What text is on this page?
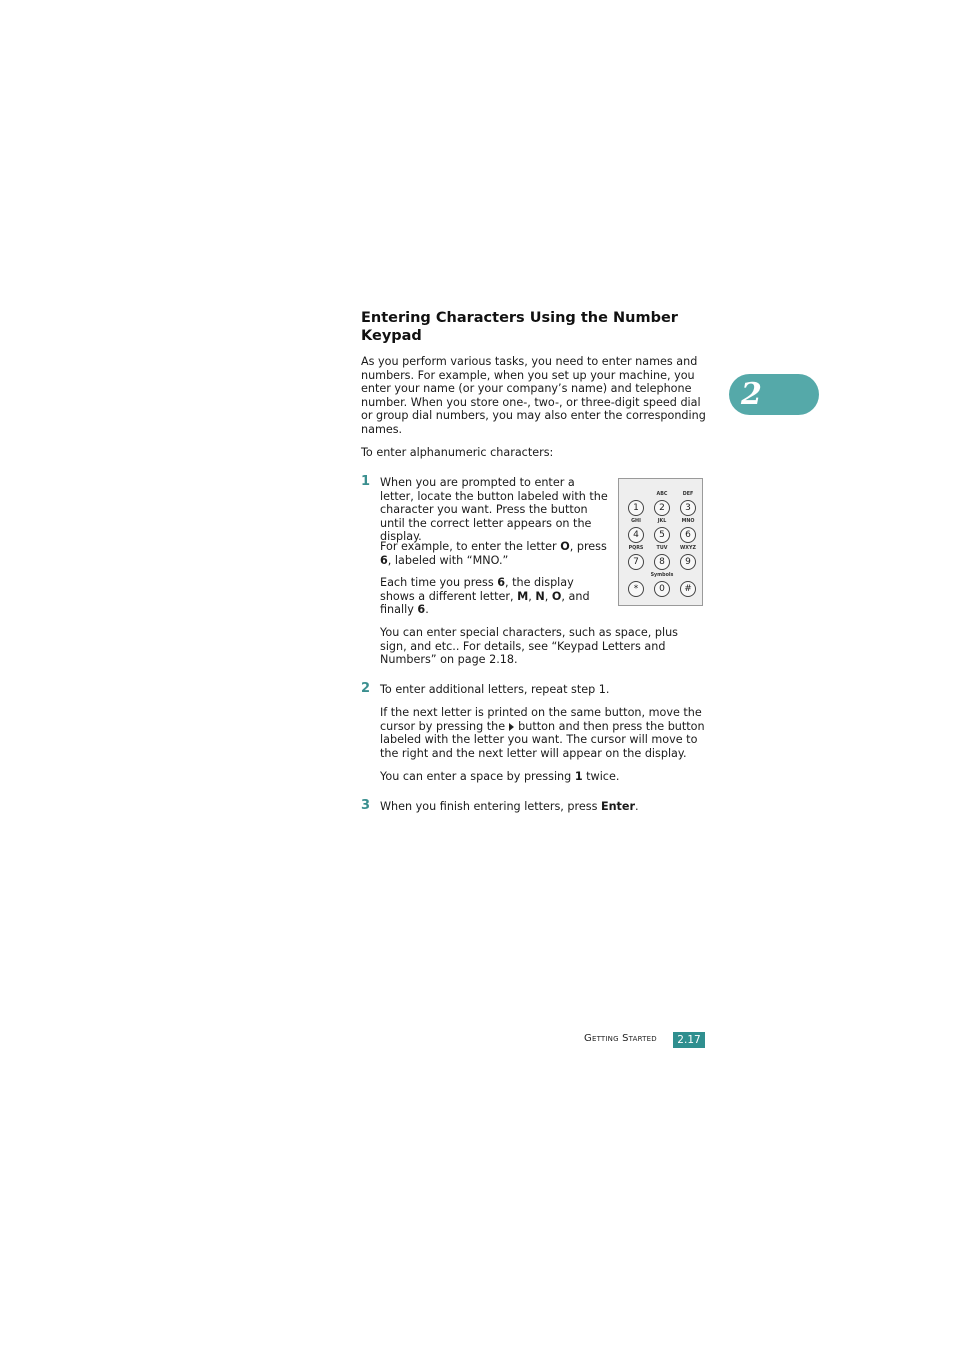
2
Entering Characters Using the Number Keypad
As you perform various tasks, you need to enter names and numbers. For example, when you set up your machine, you enter your name (or your company’s name) and telephone number. When you store one-, two-, or three-digit speed dial or group dial numbers, you may also enter the corresponding names.
To enter alphanumeric characters:
1 When you are prompted to enter a letter, locate the button labeled with the character you want. Press the button until the correct letter appears on the display.
For example, to enter the letter O, press 6, labeled with “MNO.”
Each time you press 6, the display shows a different letter, M, N, O, and finally 6.
You can enter special characters, such as space, plus sign, and etc.. For details, see “Keypad Letters and Numbers” on page 2.18.
1	2
ABC
3
DEF
4
GHI
5
JKL
6
MNO
7
PQRS
8
TUV
9
WXYZ
*	0
Symbols
#
2 To enter additional letters, repeat step 1.
If the next letter is printed on the same button, move the cursor by pressing the button and then press the button labeled with the letter you want. The cursor will move to the right and the next letter will appear on the display.
You can enter a space by pressing 1 twice.
3 When you finish entering letters, press Enter.
Getting Started	2.17
